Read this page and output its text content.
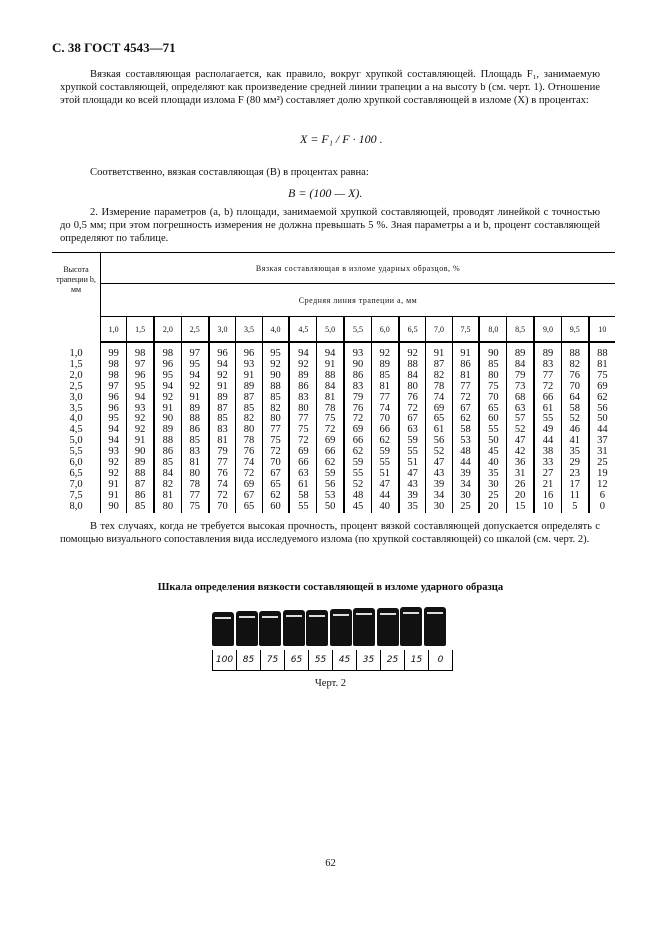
С. 38 ГОСТ 4543—71
Вязкая составляющая располагается, как правило, вокруг хрупкой составляющей. Площадь F₁, занимаемую хрупкой составляющей, определяют как произведение средней линии трапеции a на высоту b (см. черт. 1). Отношение этой площади ко всей площади излома F (80 мм²) составляет долю хрупкой составляющей в изломе (X) в процентах:
X = F₁ / F · 100 .
Соответственно, вязкая составляющая (B) в процентах равна:
B = (100 — X).
2. Измерение параметров (a, b) площади, занимаемой хрупкой составляющей, проводят линейкой с точностью до 0,5 мм; при этом погрешность измерения не должна превышать 5 %. Зная параметры a и b, процент составляющей определяют по таблице.
Высота трапеции b, мм	Вязкая составляющая в изломе ударных образцов, %																		
	Средняя линия трапеции a, мм																		
	1,0	1,5	2,0	2,5	3,0	3,5	4,0	4,5	5,0	5,5	6,0	6,5	7,0	7,5	8,0	8,5	9,0	9,5	10
1,0	99	98	98	97	96	96	95	94	94	93	92	92	91	91	90	89	89	88	88
1,5	98	97	96	95	94	93	92	92	91	90	89	88	87	86	85	84	83	82	81
2,0	98	96	95	94	92	91	90	89	88	86	85	84	82	81	80	79	77	76	75
2,5	97	95	94	92	91	89	88	86	84	83	81	80	78	77	75	73	72	70	69
3,0	96	94	92	91	89	87	85	83	81	79	77	76	74	72	70	68	66	64	62
3,5	96	93	91	89	87	85	82	80	78	76	74	72	69	67	65	63	61	58	56
4,0	95	92	90	88	85	82	80	77	75	72	70	67	65	62	60	57	55	52	50
4,5	94	92	89	86	83	80	77	75	72	69	66	63	61	58	55	52	49	46	44
5,0	94	91	88	85	81	78	75	72	69	66	62	59	56	53	50	47	44	41	37
5,5	93	90	86	83	79	76	72	69	66	62	59	55	52	48	45	42	38	35	31
6,0	92	89	85	81	77	74	70	66	62	59	55	51	47	44	40	36	33	29	25
6,5	92	88	84	80	76	72	67	63	59	55	51	47	43	39	35	31	27	23	19
7,0	91	87	82	78	74	69	65	61	56	52	47	43	39	34	30	26	21	17	12
7,5	91	86	81	77	72	67	62	58	53	48	44	39	34	30	25	20	16	11	6
8,0	90	85	80	75	70	65	60	55	50	45	40	35	30	25	20	15	10	5	0
В тех случаях, когда не требуется высокая прочность, процент вязкой составляющей допускается определять с помощью визуального сопоставления вида исследуемого излома (по хрупкой составляющей) со шкалой (см. черт. 2).
Шкала определения вязкости составляющей в изломе ударного образца
100	85	75	65	55	45	35	25	15	0
Черт. 2
62
